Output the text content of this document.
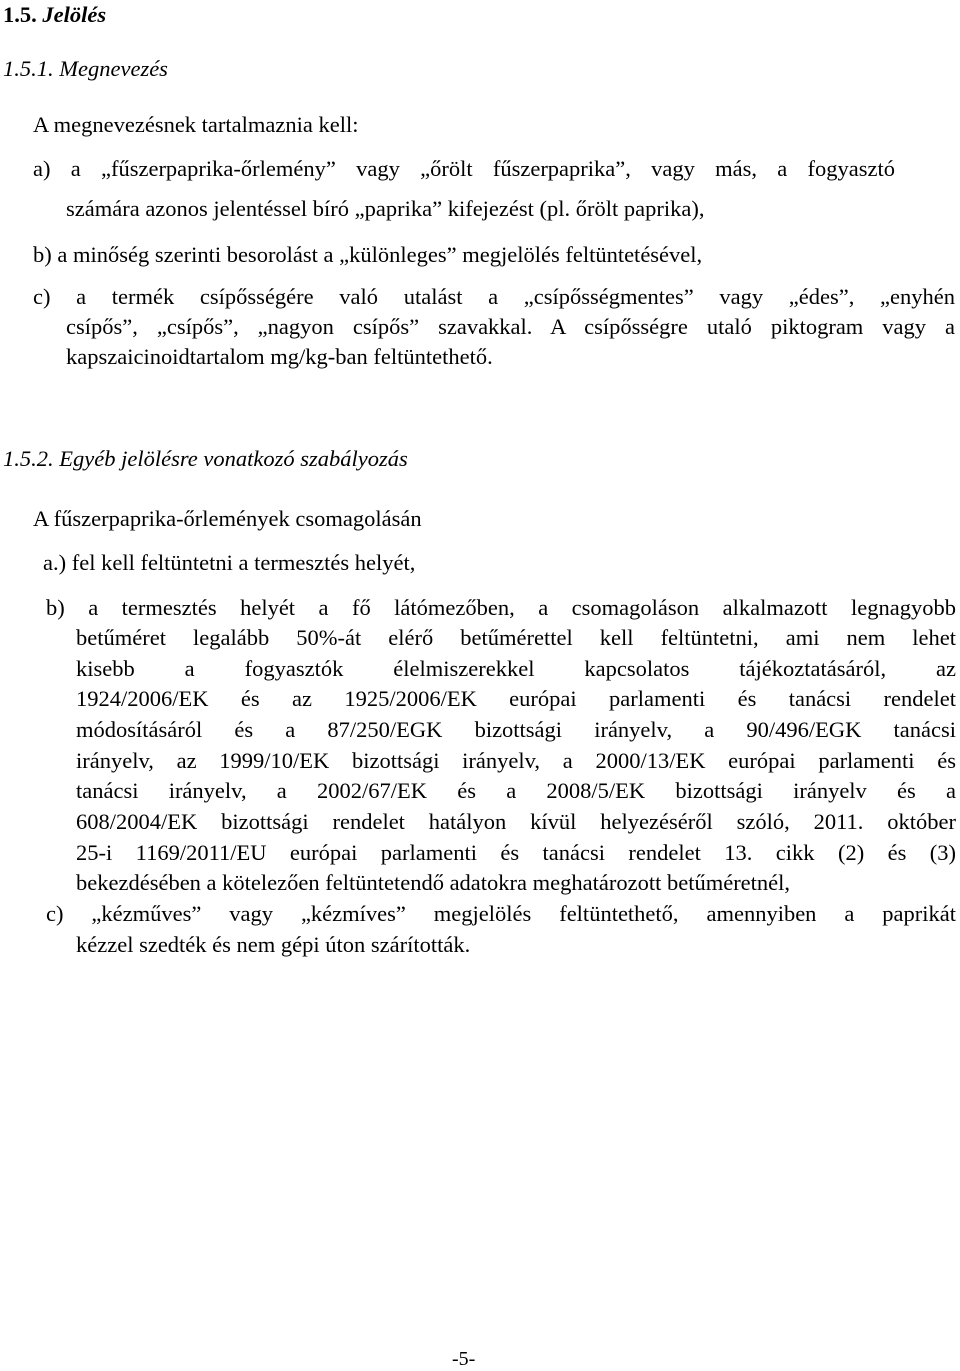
1.5. Jelölés
1.5.1. Megnevezés
A megnevezésnek tartalmaznia kell:
a) a „fűszerpaprika-őrlemény” vagy „őrölt fűszerpaprika”, vagy más, a fogyasztó
számára azonos jelentéssel bíró „paprika” kifejezést (pl. őrölt paprika),
b) a minőség szerinti besorolást a „különleges” megjelölés feltüntetésével,
c) a termék csípősségére való utalást a „csípősségmentes” vagy „édes”, „enyhén
csípős”, „csípős”, „nagyon csípős” szavakkal. A csípősségre utaló piktogram vagy a
kapszaicinoidtartalom mg/kg-ban feltüntethető.
1.5.2. Egyéb jelölésre vonatkozó szabályozás
A fűszerpaprika-őrlemények csomagolásán
a.) fel kell feltüntetni a termesztés helyét,
b) a termesztés helyét a fő látómezőben, a csomagoláson alkalmazott legnagyobb
betűméret legalább 50%-át elérő betűmérettel kell feltüntetni, ami nem lehet
kisebb a fogyasztók élelmiszerekkel kapcsolatos tájékoztatásáról, az
1924/2006/EK és az 1925/2006/EK európai parlamenti és tanácsi rendelet
módosításáról és a 87/250/EGK bizottsági irányelv, a 90/496/EGK tanácsi
irányelv, az 1999/10/EK bizottsági irányelv, a 2000/13/EK európai parlamenti és
tanácsi irányelv, a 2002/67/EK és a 2008/5/EK bizottsági irányelv és a
608/2004/EK bizottsági rendelet hatályon kívül helyezéséről szóló, 2011. október
25-i 1169/2011/EU európai parlamenti és tanácsi rendelet 13. cikk (2) és (3)
bekezdésében a kötelezően feltüntetendő adatokra meghatározott betűméretnél,
c) „kézműves” vagy „kézmíves” megjelölés feltüntethető, amennyiben a paprikát
kézzel szedték és nem gépi úton szárították.
-5-
